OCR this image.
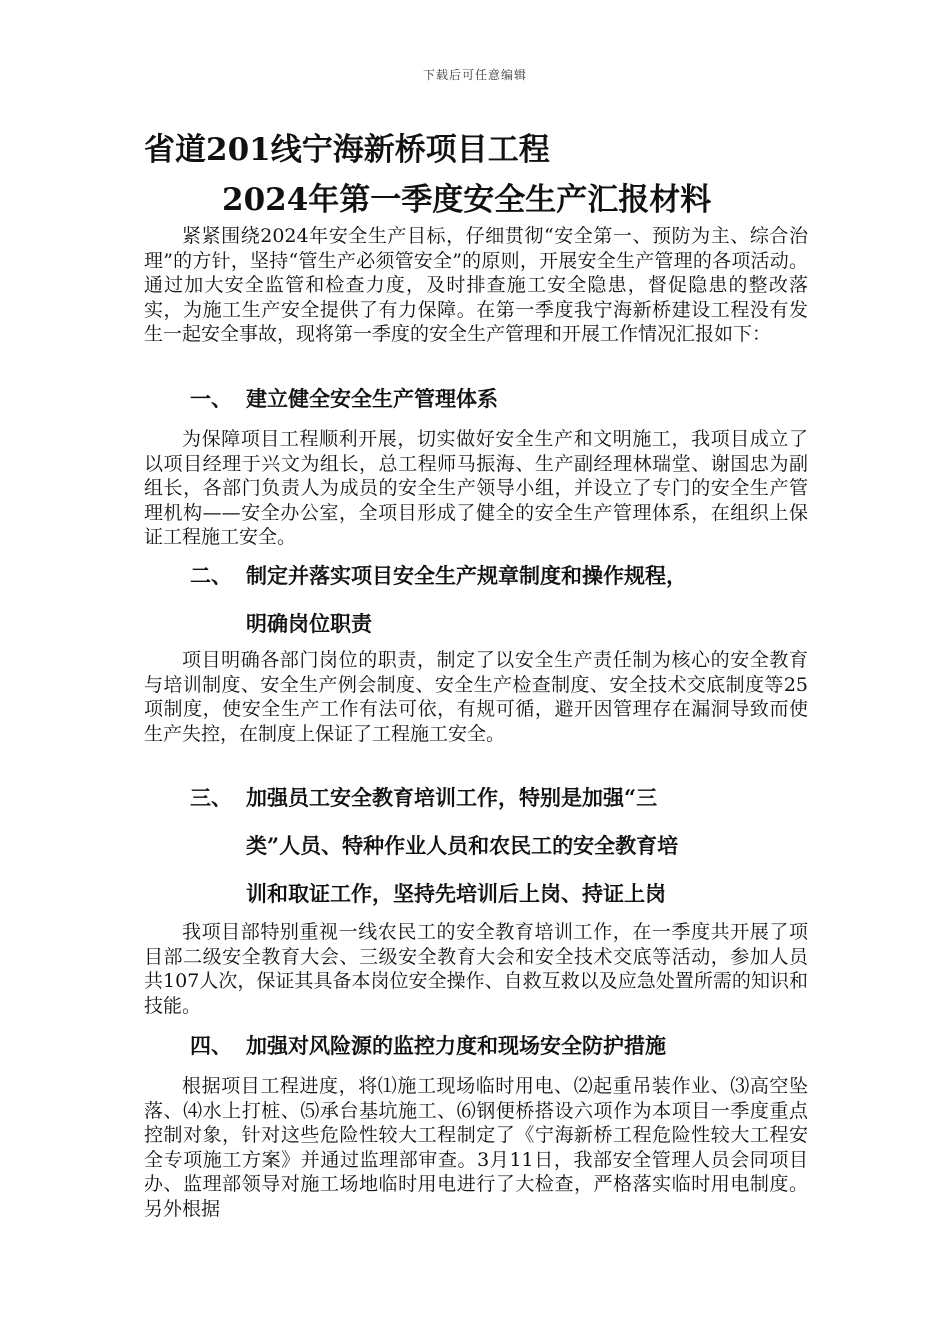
下载后可任意编辑
省道201线宁海新桥项目工程
2024年第一季度安全生产汇报材料

紧紧围绕2024年安全生产目标，仔细贯彻“安全第一、预防为主、综合治理”的方针，坚持“管生产必须管安全”的原则，开展安全生产管理的各项活动。通过加大安全监管和检查力度，及时排查施工安全隐患，督促隐患的整改落实，为施工生产安全提供了有力保障。在第一季度我宁海新桥建设工程没有发生一起安全事故，现将第一季度的安全生产管理和开展工作情况汇报如下：

一、 建立健全安全生产管理体系

为保障项目工程顺利开展，切实做好安全生产和文明施工，我项目成立了以项目经理于兴文为组长，总工程师马振海、生产副经理林瑞堂、谢国忠为副组长，各部门负责人为成员的安全生产领导小组，并设立了专门的安全生产管理机构——安全办公室，全项目形成了健全的安全生产管理体系，在组织上保证工程施工安全。

二、 制定并落实项目安全生产规章制度和操作规程，
明确岗位职责

项目明确各部门岗位的职责，制定了以安全生产责任制为核心的安全教育与培训制度、安全生产例会制度、安全生产检查制度、安全技术交底制度等25项制度，使安全生产工作有法可依，有规可循，避开因管理存在漏洞导致而使生产失控，在制度上保证了工程施工安全。

三、 加强员工安全教育培训工作，特别是加强“三
类”人员、特种作业人员和农民工的安全教育培
训和取证工作，坚持先培训后上岗、持证上岗

我项目部特别重视一线农民工的安全教育培训工作，在一季度共开展了项目部二级安全教育大会、三级安全教育大会和安全技术交底等活动，参加人员共107人次，保证其具备本岗位安全操作、自救互救以及应急处置所需的知识和技能。

四、 加强对风险源的监控力度和现场安全防护措施

根据项目工程进度，将⑴施工现场临时用电、⑵起重吊装作业、⑶高空坠落、⑷水上打桩、⑸承台基坑施工、⑹钢便桥搭设六项作为本项目一季度重点控制对象，针对这些危险性较大工程制定了《宁海新桥工程危险性较大工程安全专项施工方案》并通过监理部审查。3月11日，我部安全管理人员会同项目办、监理部领导对施工场地临时用电进行了大检查，严格落实临时用电制度。另外根据
